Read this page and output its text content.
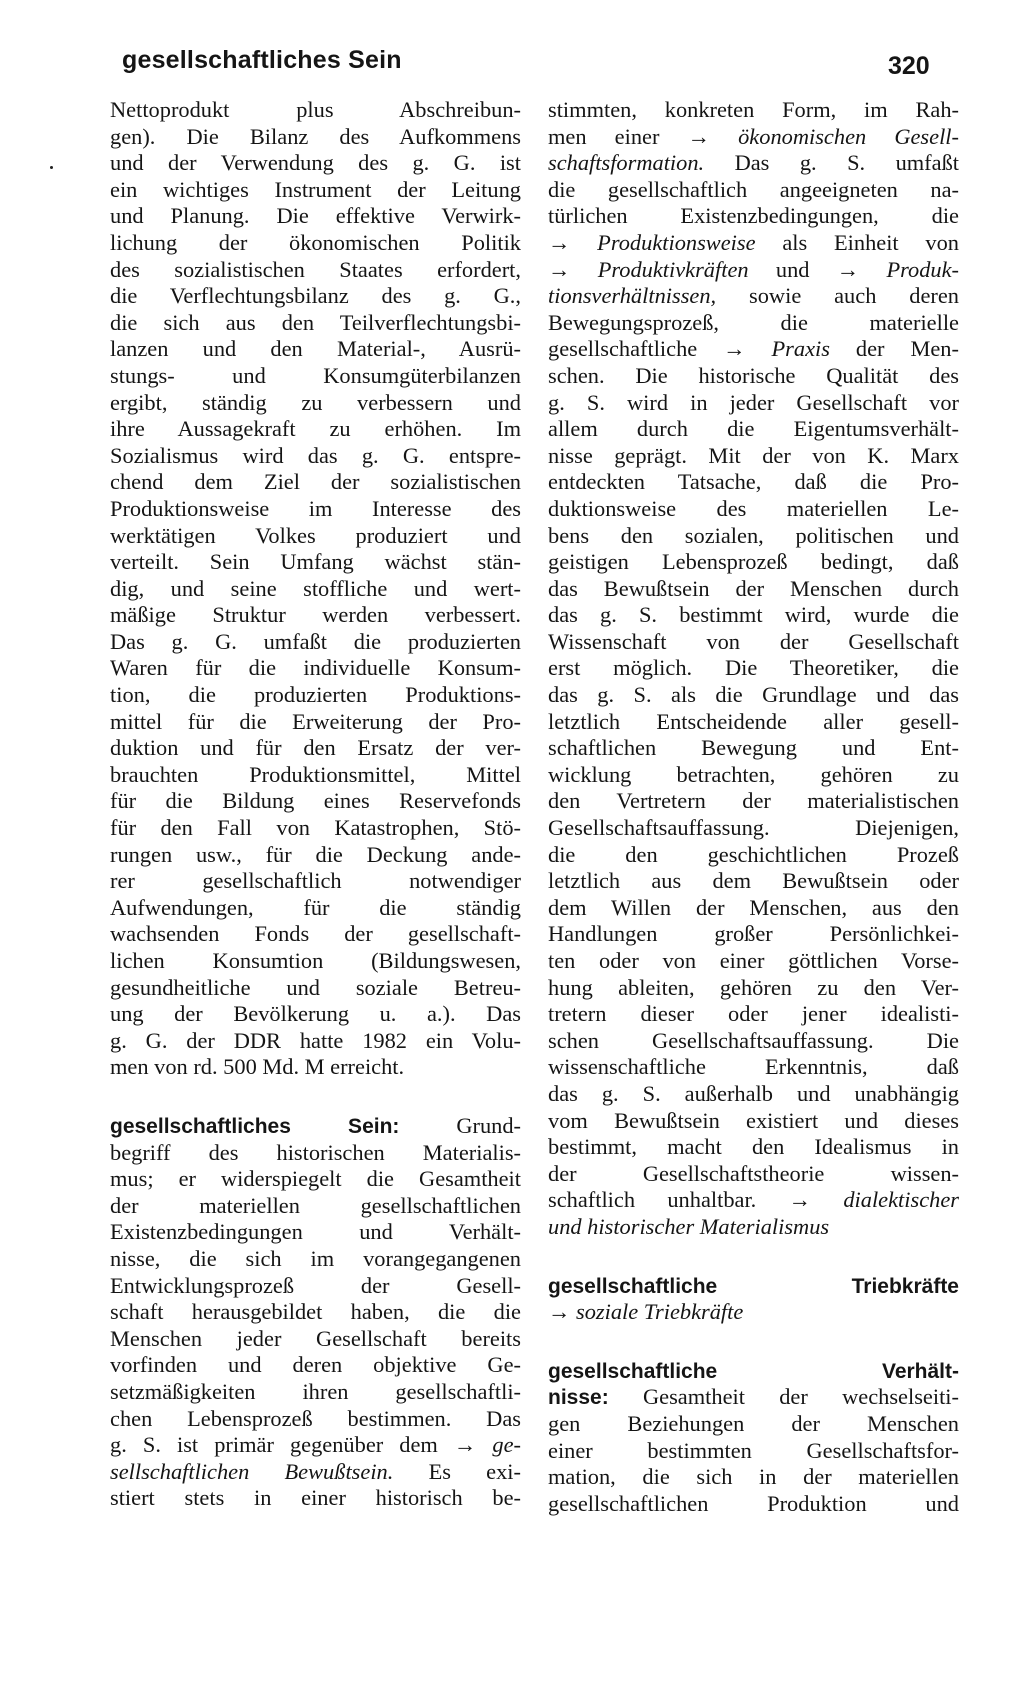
gesellschaftliches Sein	320
Nettoprodukt plus Abschreibun-
gen). Die Bilanz des Aufkommens
und der Verwendung des g. G. ist
ein wichtiges Instrument der Leitung
und Planung. Die effektive Verwirk-
lichung der ökonomischen Politik
des sozialistischen Staates erfordert,
die Verflechtungsbilanz des g. G.,
die sich aus den Teilverflechtungsbi-
lanzen und den Material-, Ausrü-
stungs- und Konsumgüterbilanzen
ergibt, ständig zu verbessern und
ihre Aussagekraft zu erhöhen. Im
Sozialismus wird das g. G. entspre-
chend dem Ziel der sozialistischen
Produktionsweise im Interesse des
werktätigen Volkes produziert und
verteilt. Sein Umfang wächst stän-
dig, und seine stoffliche und wert-
mäßige Struktur werden verbessert.
Das g. G. umfaßt die produzierten
Waren für die individuelle Konsum-
tion, die produzierten Produktions-
mittel für die Erweiterung der Pro-
duktion und für den Ersatz der ver-
brauchten Produktionsmittel, Mittel
für die Bildung eines Reservefonds
für den Fall von Katastrophen, Stö-
rungen usw., für die Deckung ande-
rer gesellschaftlich notwendiger
Aufwendungen, für die ständig
wachsenden Fonds der gesellschaft-
lichen Konsumtion (Bildungswesen,
gesundheitliche und soziale Betreu-
ung der Bevölkerung u. a.). Das
g. G. der DDR hatte 1982 ein Volu-
men von rd. 500 Md. M erreicht.
gesellschaftliches Sein:	Grund-
begriff des historischen Materialis-
mus; er widerspiegelt die Gesamtheit
der materiellen gesellschaftlichen
Existenzbedingungen und Verhält-
nisse, die sich im vorangegangenen
Entwicklungsprozeß der Gesell-
schaft herausgebildet haben, die die
Menschen jeder Gesellschaft bereits
vorfinden und deren objektive Ge-
setzmäßigkeiten ihren gesellschaftli-
chen Lebensprozeß bestimmen. Das
g. S. ist primär gegenüber dem → ge-
sellschaftlichen Bewußtsein. Es exi-
stiert stets in einer historisch be-
stimmten, konkreten Form, im Rah-
men einer → ökonomischen Gesell-
schaftsformation. Das g. S. umfaßt
die gesellschaftlich angeeigneten na-
türlichen Existenzbedingungen, die
→ Produktionsweise als Einheit von
→ Produktivkräften und → Produk-
tionsverhältnissen, sowie auch deren
Bewegungsprozeß, die materielle
gesellschaftliche → Praxis der Men-
schen. Die historische Qualität des
g. S. wird in jeder Gesellschaft vor
allem durch die Eigentumsverhält-
nisse geprägt. Mit der von K. Marx
entdeckten Tatsache, daß die Pro-
duktionsweise des materiellen Le-
bens den sozialen, politischen und
geistigen Lebensprozeß bedingt, daß
das Bewußtsein der Menschen durch
das g. S. bestimmt wird, wurde die
Wissenschaft von der Gesellschaft
erst möglich. Die Theoretiker, die
das g. S. als die Grundlage und das
letztlich Entscheidende aller gesell-
schaftlichen Bewegung und Ent-
wicklung betrachten, gehören zu
den Vertretern der materialistischen
Gesellschaftsauffassung. Diejenigen,
die den geschichtlichen Prozeß
letztlich aus dem Bewußtsein oder
dem Willen der Menschen, aus den
Handlungen großer Persönlichkei-
ten oder von einer göttlichen Vorse-
hung ableiten, gehören zu den Ver-
tretern dieser oder jener idealisti-
schen Gesellschaftsauffassung. Die
wissenschaftliche Erkenntnis, daß
das g. S. außerhalb und unabhängig
vom Bewußtsein existiert und dieses
bestimmt, macht den Idealismus in
der Gesellschaftstheorie wissen-
schaftlich unhaltbar. → dialektischer
und historischer Materialismus
gesellschaftliche Triebkräfte
→ soziale Triebkräfte
gesellschaftliche Verhält-
nisse: Gesamtheit der wechselseiti-
gen Beziehungen der Menschen
einer bestimmten Gesellschaftsfor-
mation, die sich in der materiellen
gesellschaftlichen Produktion und
